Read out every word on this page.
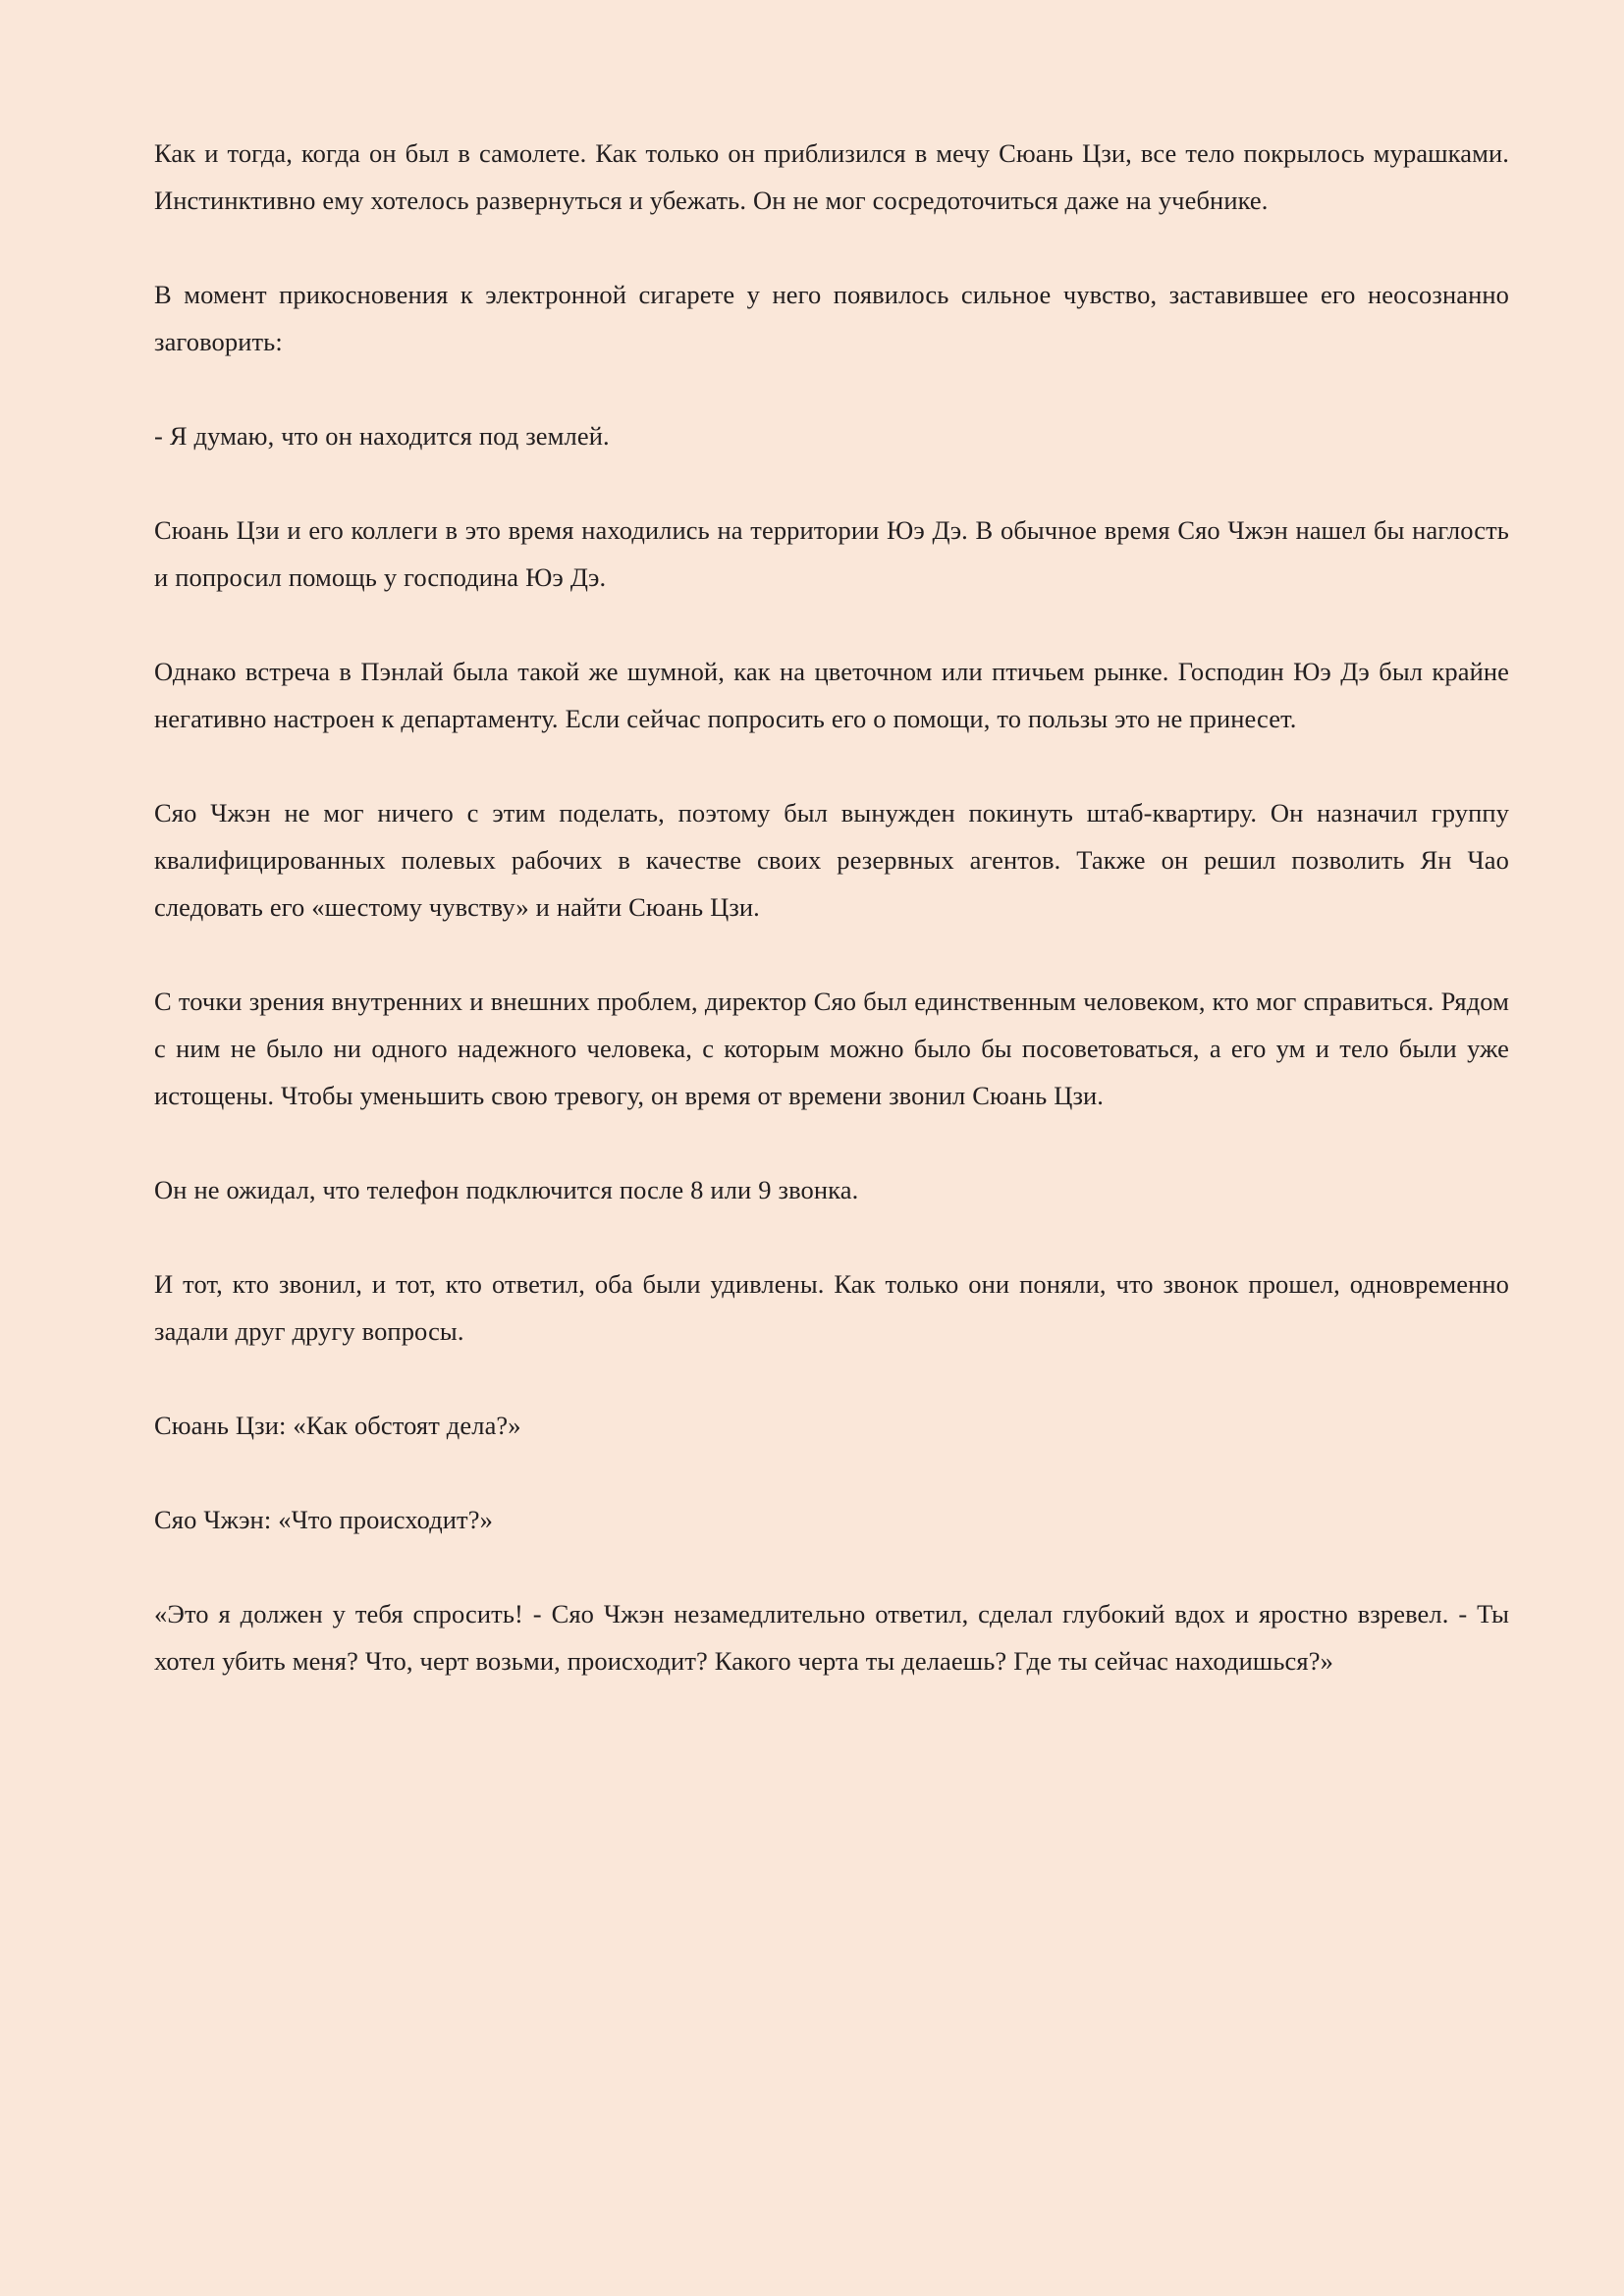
Как и тогда, когда он был в самолете. Как только он приблизился в мечу Сюань Цзи, все тело покрылось мурашками. Инстинктивно ему хотелось развернуться и убежать. Он не мог сосредоточиться даже на учебнике.

В момент прикосновения к электронной сигарете у него появилось сильное чувство, заставившее его неосознанно заговорить:

- Я думаю, что он находится под землей.

Сюань Цзи и его коллеги в это время находились на территории Юэ Дэ. В обычное время Сяо Чжэн нашел бы наглость и попросил помощь у господина Юэ Дэ.

Однако встреча в Пэнлай была такой же шумной, как на цветочном или птичьем рынке. Господин Юэ Дэ был крайне негативно настроен к департаменту. Если сейчас попросить его о помощи, то пользы это не принесет.

Сяо Чжэн не мог ничего с этим поделать, поэтому был вынужден покинуть штаб-квартиру. Он назначил группу квалифицированных полевых рабочих в качестве своих резервных агентов. Также он решил позволить Ян Чао следовать его «шестому чувству» и найти Сюань Цзи.

С точки зрения внутренних и внешних проблем, директор Сяо был единственным человеком, кто мог справиться. Рядом с ним не было ни одного надежного человека, с которым можно было бы посоветоваться, а его ум и тело были уже истощены. Чтобы уменьшить свою тревогу, он время от времени звонил Сюань Цзи.

Он не ожидал, что телефон подключится после 8 или 9 звонка.

И тот, кто звонил, и тот, кто ответил, оба были удивлены. Как только они поняли, что звонок прошел, одновременно задали друг другу вопросы.

Сюань Цзи: «Как обстоят дела?»

Сяо Чжэн: «Что происходит?»

«Это я должен у тебя спросить! - Сяо Чжэн незамедлительно ответил, сделал глубокий вдох и яростно взревел. - Ты хотел убить меня? Что, черт возьми, происходит? Какого черта ты делаешь? Где ты сейчас находишься?»
